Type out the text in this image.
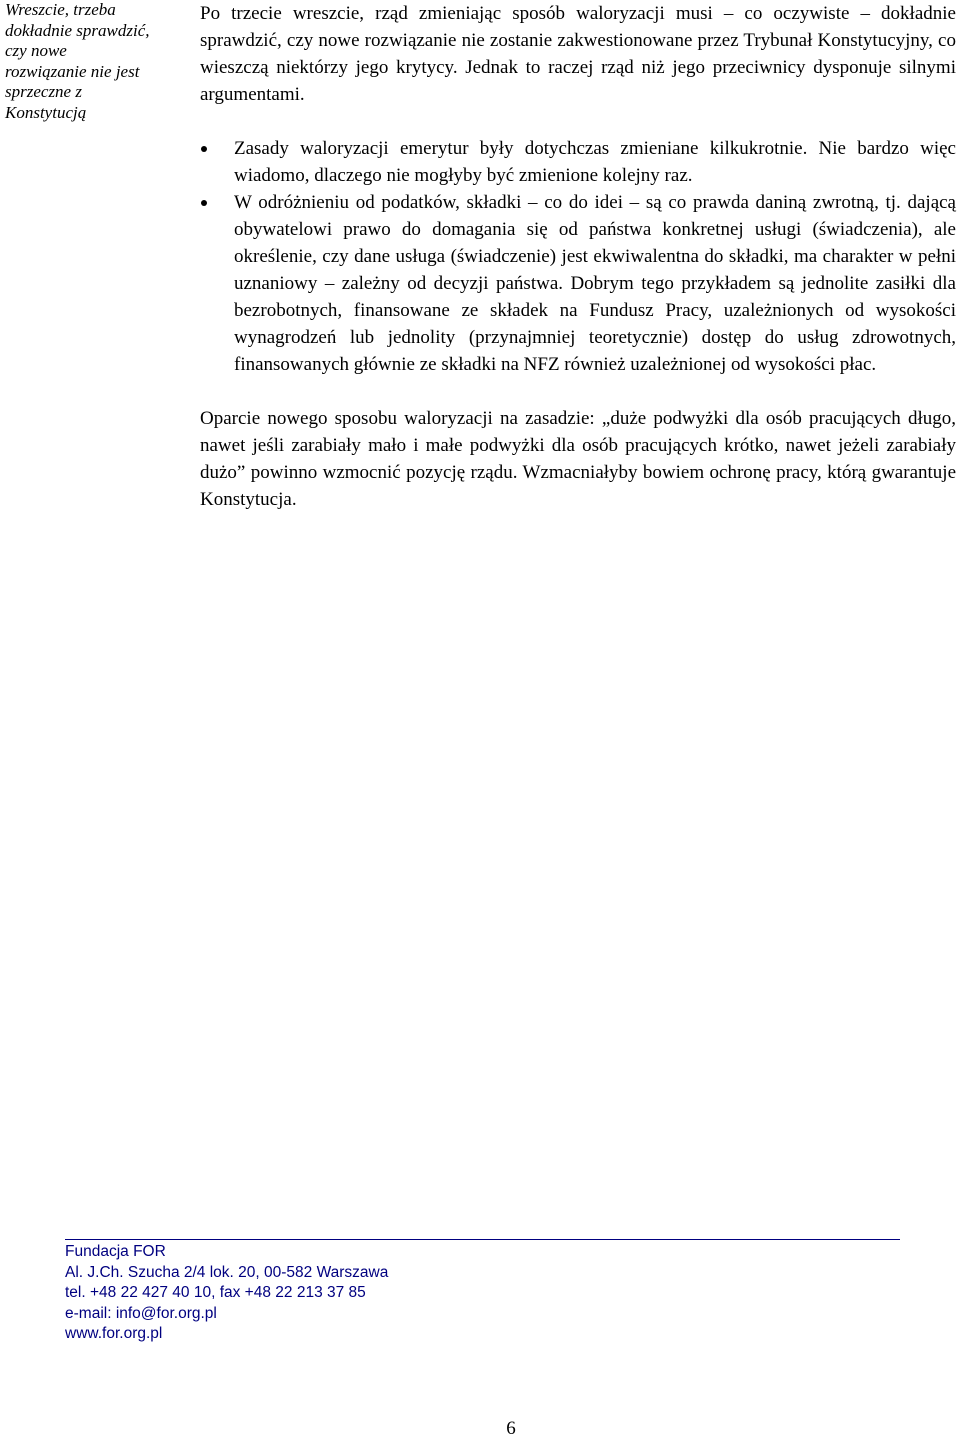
Wreszcie, trzeba
dokładnie sprawdzić,
czy nowe
rozwiązanie nie jest
sprzeczne z
Konstytucją

Po trzecie wreszcie, rząd zmieniając sposób waloryzacji musi – co oczywiste – dokładnie sprawdzić, czy nowe rozwiązanie nie zostanie zakwestionowane przez Trybunał Konstytucyjny, co wieszczą niektórzy jego krytycy. Jednak to raczej rząd niż jego przeciwnicy dysponuje silnymi argumentami.

Zasady waloryzacji emerytur były dotychczas zmieniane kilkukrotnie. Nie bardzo więc wiadomo, dlaczego nie mogłyby być zmienione kolejny raz.
W odróżnieniu od podatków, składki – co do idei – są co prawda daniną zwrotną, tj. dającą obywatelowi prawo do domagania się od państwa konkretnej usługi (świadczenia), ale określenie, czy dane usługa (świadczenie) jest ekwiwalentna do składki, ma charakter w pełni uznaniowy – zależny od decyzji państwa. Dobrym tego przykładem są jednolite zasiłki dla bezrobotnych, finansowane ze składek na Fundusz Pracy, uzależnionych od wysokości wynagrodzeń lub jednolity (przynajmniej teoretycznie) dostęp do usług zdrowotnych, finansowanych głównie ze składki na NFZ również uzależnionej od wysokości płac.

Oparcie nowego sposobu waloryzacji na zasadzie: „duże podwyżki dla osób pracujących długo, nawet jeśli zarabiały mało i małe podwyżki dla osób pracujących krótko, nawet jeżeli zarabiały dużo” powinno wzmocnić pozycję rządu. Wzmacniałyby bowiem ochronę pracy, którą gwarantuje Konstytucja.

Fundacja FOR
Al. J.Ch. Szucha 2/4 lok. 20, 00-582 Warszawa
tel. +48 22 427 40 10, fax +48 22 213 37 85
e-mail: info@for.org.pl
www.for.org.pl
6
